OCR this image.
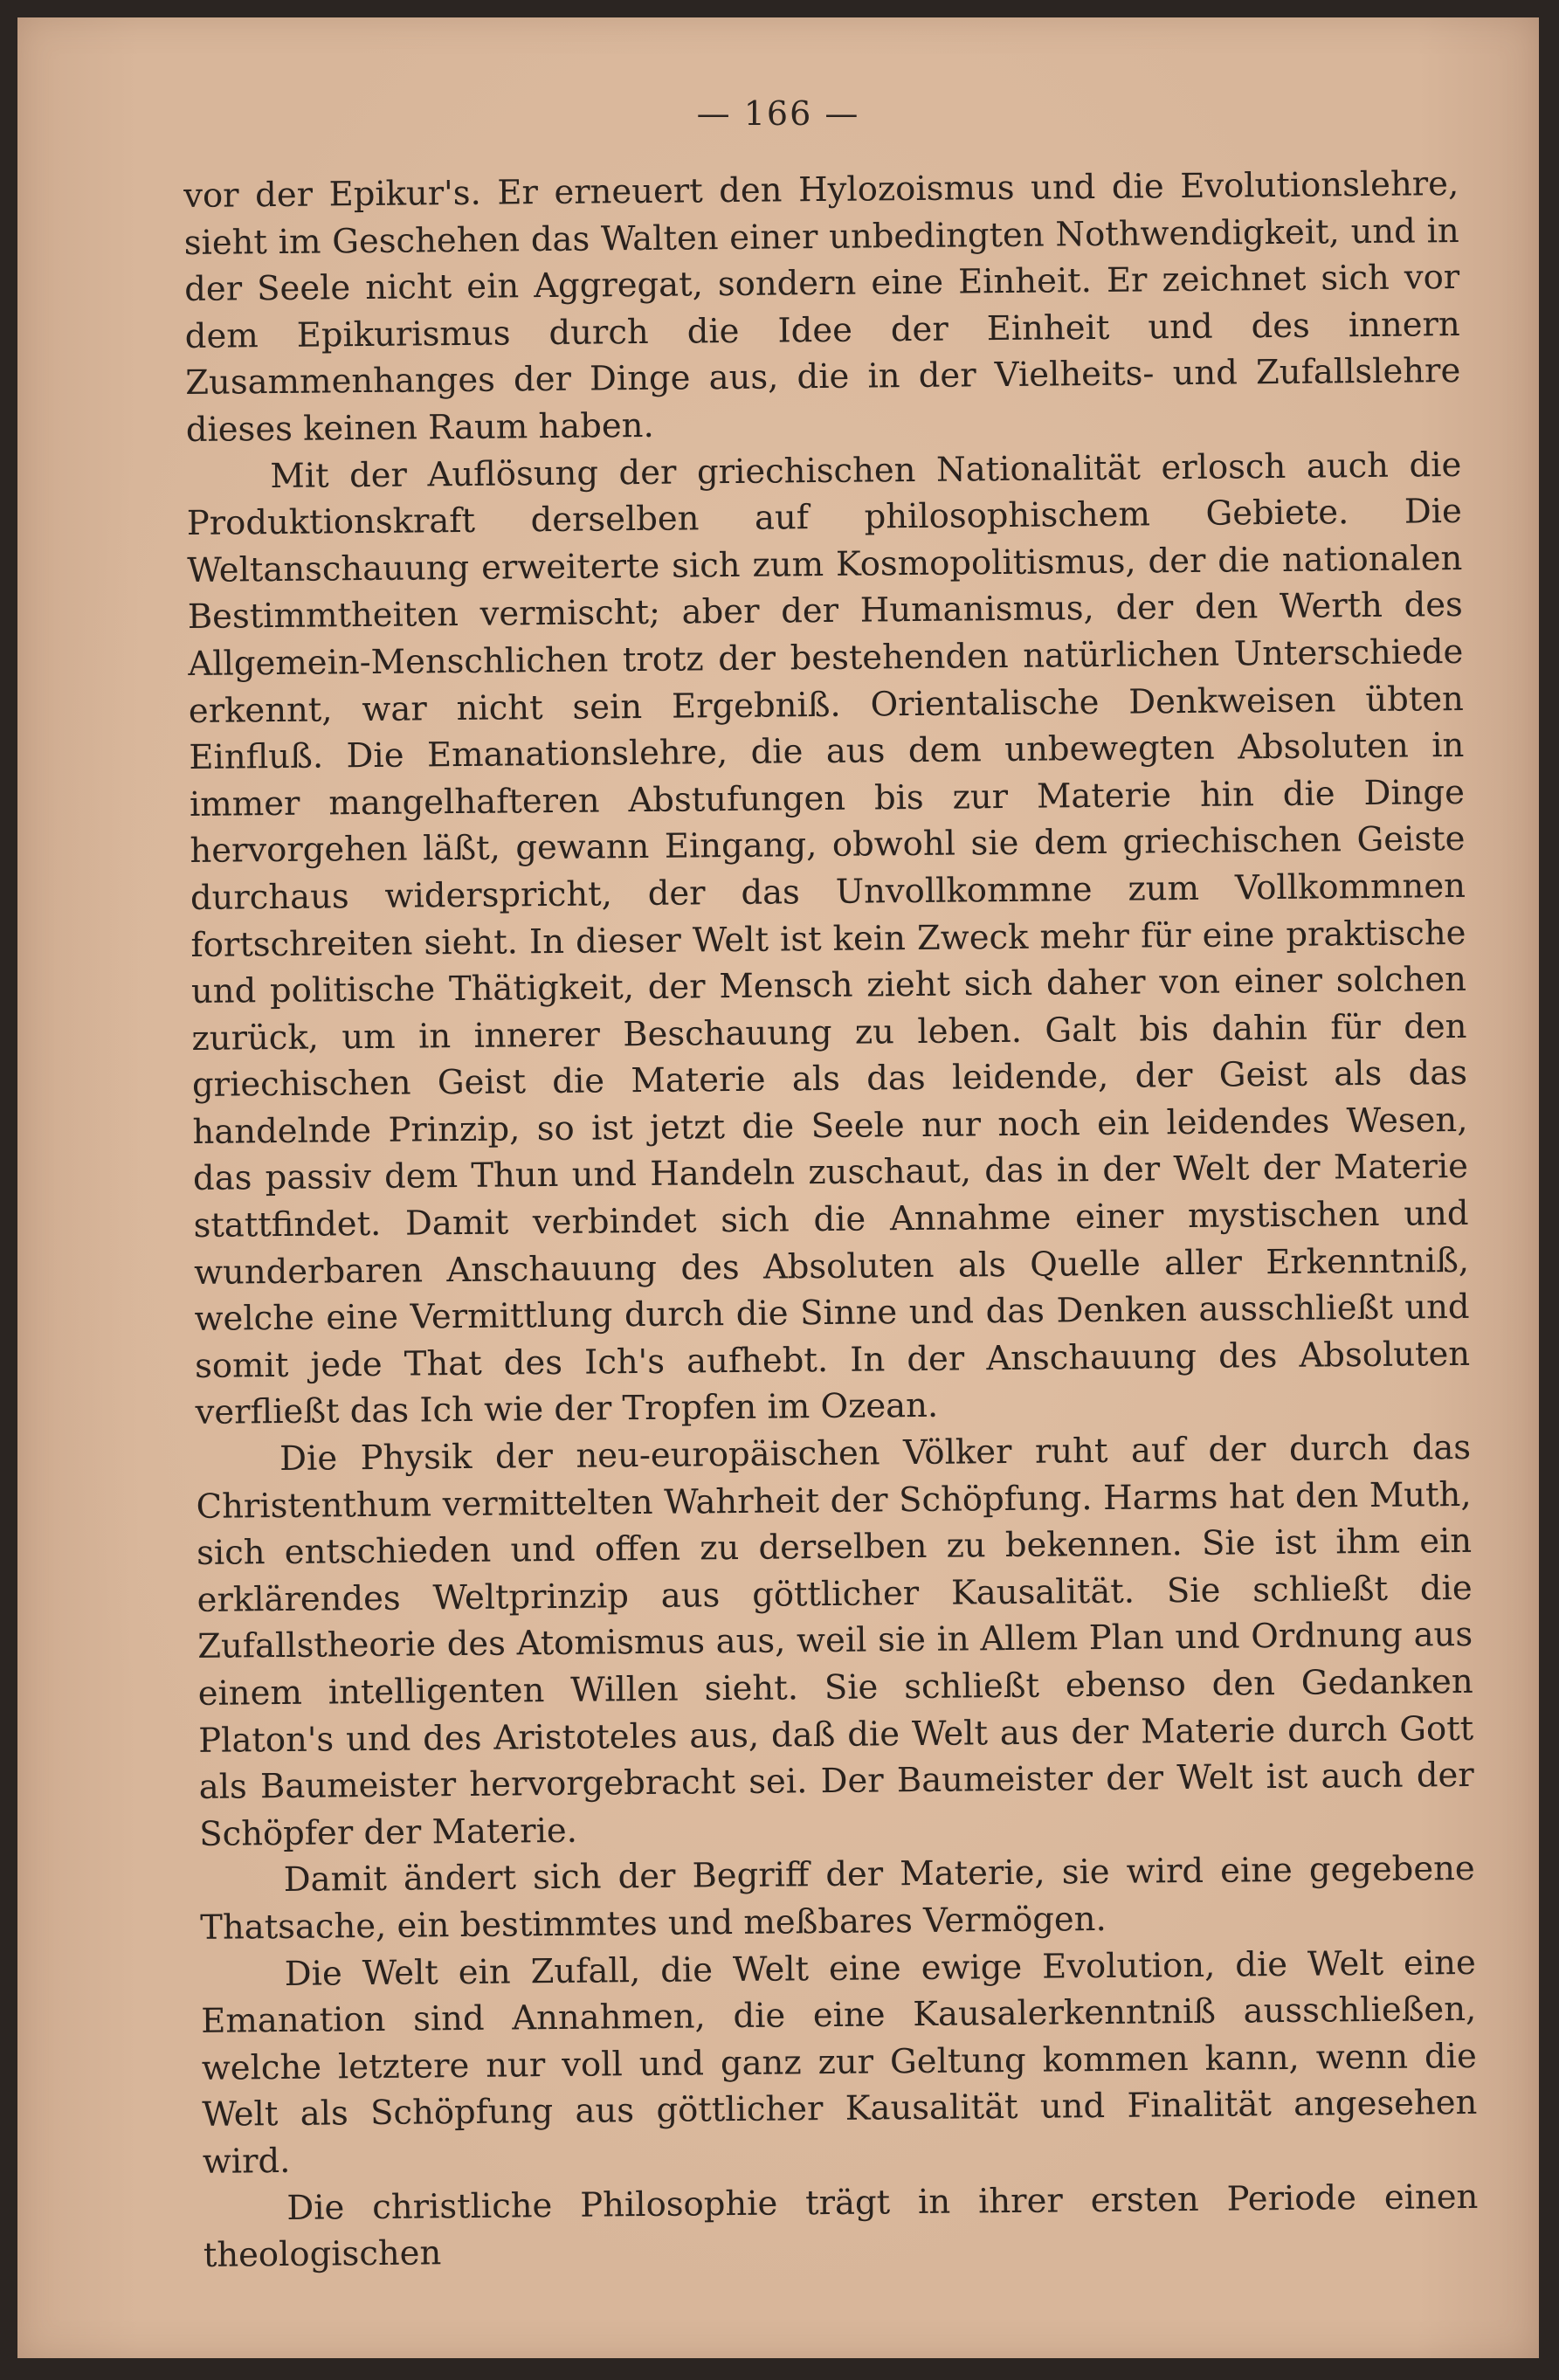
— 166 —

vor der Epikur's. Er erneuert den Hylozoismus und die Evolutionslehre, sieht im Geschehen das Walten einer unbedingten Nothwendigkeit, und in der Seele nicht ein Aggregat, sondern eine Einheit. Er zeichnet sich vor dem Epikurismus durch die Idee der Einheit und des innern Zusammenhanges der Dinge aus, die in der Vielheits- und Zufallslehre dieses keinen Raum haben.

Mit der Auflösung der griechischen Nationalität erlosch auch die Produktionskraft derselben auf philosophischem Gebiete. Die Weltanschauung erweiterte sich zum Kosmopolitismus, der die nationalen Bestimmtheiten vermischt; aber der Humanismus, der den Werth des Allgemein-Menschlichen trotz der bestehenden natürlichen Unterschiede erkennt, war nicht sein Ergebniß. Orientalische Denkweisen übten Einfluß. Die Emanationslehre, die aus dem unbewegten Absoluten in immer mangelhafteren Abstufungen bis zur Materie hin die Dinge hervorgehen läßt, gewann Eingang, obwohl sie dem griechischen Geiste durchaus widerspricht, der das Unvollkommne zum Vollkommnen fortschreiten sieht. In dieser Welt ist kein Zweck mehr für eine praktische und politische Thätigkeit, der Mensch zieht sich daher von einer solchen zurück, um in innerer Beschauung zu leben. Galt bis dahin für den griechischen Geist die Materie als das leidende, der Geist als das handelnde Prinzip, so ist jetzt die Seele nur noch ein leidendes Wesen, das passiv dem Thun und Handeln zuschaut, das in der Welt der Materie stattfindet. Damit verbindet sich die Annahme einer mystischen und wunderbaren Anschauung des Absoluten als Quelle aller Erkenntniß, welche eine Vermittlung durch die Sinne und das Denken ausschließt und somit jede That des Ich's aufhebt. In der Anschauung des Absoluten verfließt das Ich wie der Tropfen im Ozean.

Die Physik der neu-europäischen Völker ruht auf der durch das Christenthum vermittelten Wahrheit der Schöpfung. Harms hat den Muth, sich entschieden und offen zu derselben zu bekennen. Sie ist ihm ein erklärendes Weltprinzip aus göttlicher Kausalität. Sie schließt die Zufallstheorie des Atomismus aus, weil sie in Allem Plan und Ordnung aus einem intelligenten Willen sieht. Sie schließt ebenso den Gedanken Platon's und des Aristoteles aus, daß die Welt aus der Materie durch Gott als Baumeister hervorgebracht sei. Der Baumeister der Welt ist auch der Schöpfer der Materie.

Damit ändert sich der Begriff der Materie, sie wird eine gegebene Thatsache, ein bestimmtes und meßbares Vermögen.

Die Welt ein Zufall, die Welt eine ewige Evolution, die Welt eine Emanation sind Annahmen, die eine Kausalerkenntniß ausschließen, welche letztere nur voll und ganz zur Geltung kommen kann, wenn die Welt als Schöpfung aus göttlicher Kausalität und Finalität angesehen wird.

Die christliche Philosophie trägt in ihrer ersten Periode einen theologischen
